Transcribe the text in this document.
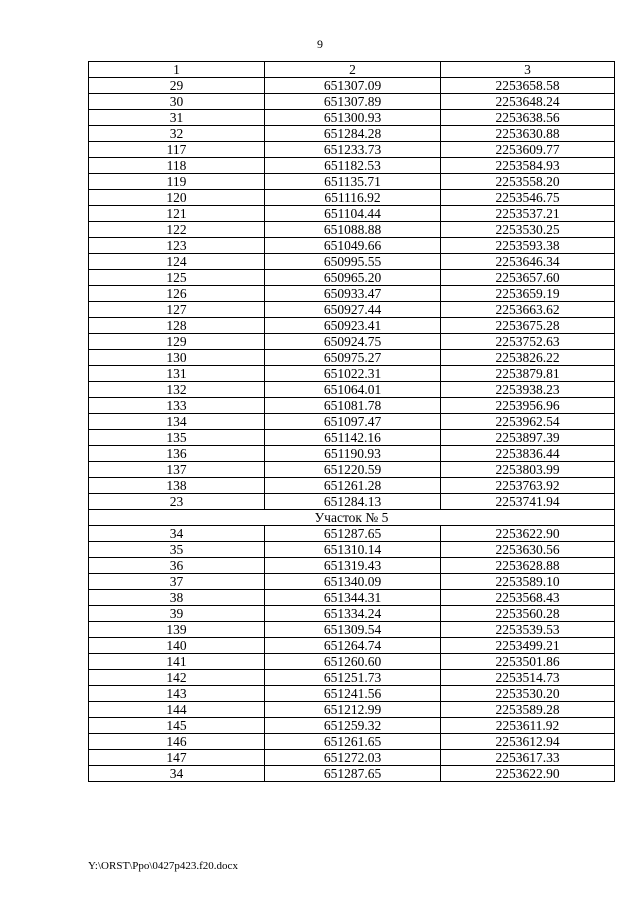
9
1	2	3
29	651307.09	2253658.58
30	651307.89	2253648.24
31	651300.93	2253638.56
32	651284.28	2253630.88
117	651233.73	2253609.77
118	651182.53	2253584.93
119	651135.71	2253558.20
120	651116.92	2253546.75
121	651104.44	2253537.21
122	651088.88	2253530.25
123	651049.66	2253593.38
124	650995.55	2253646.34
125	650965.20	2253657.60
126	650933.47	2253659.19
127	650927.44	2253663.62
128	650923.41	2253675.28
129	650924.75	2253752.63
130	650975.27	2253826.22
131	651022.31	2253879.81
132	651064.01	2253938.23
133	651081.78	2253956.96
134	651097.47	2253962.54
135	651142.16	2253897.39
136	651190.93	2253836.44
137	651220.59	2253803.99
138	651261.28	2253763.92
23	651284.13	2253741.94
Участок № 5		
34	651287.65	2253622.90
35	651310.14	2253630.56
36	651319.43	2253628.88
37	651340.09	2253589.10
38	651344.31	2253568.43
39	651334.24	2253560.28
139	651309.54	2253539.53
140	651264.74	2253499.21
141	651260.60	2253501.86
142	651251.73	2253514.73
143	651241.56	2253530.20
144	651212.99	2253589.28
145	651259.32	2253611.92
146	651261.65	2253612.94
147	651272.03	2253617.33
34	651287.65	2253622.90
Y:\ORST\Ppo\0427p423.f20.docx
